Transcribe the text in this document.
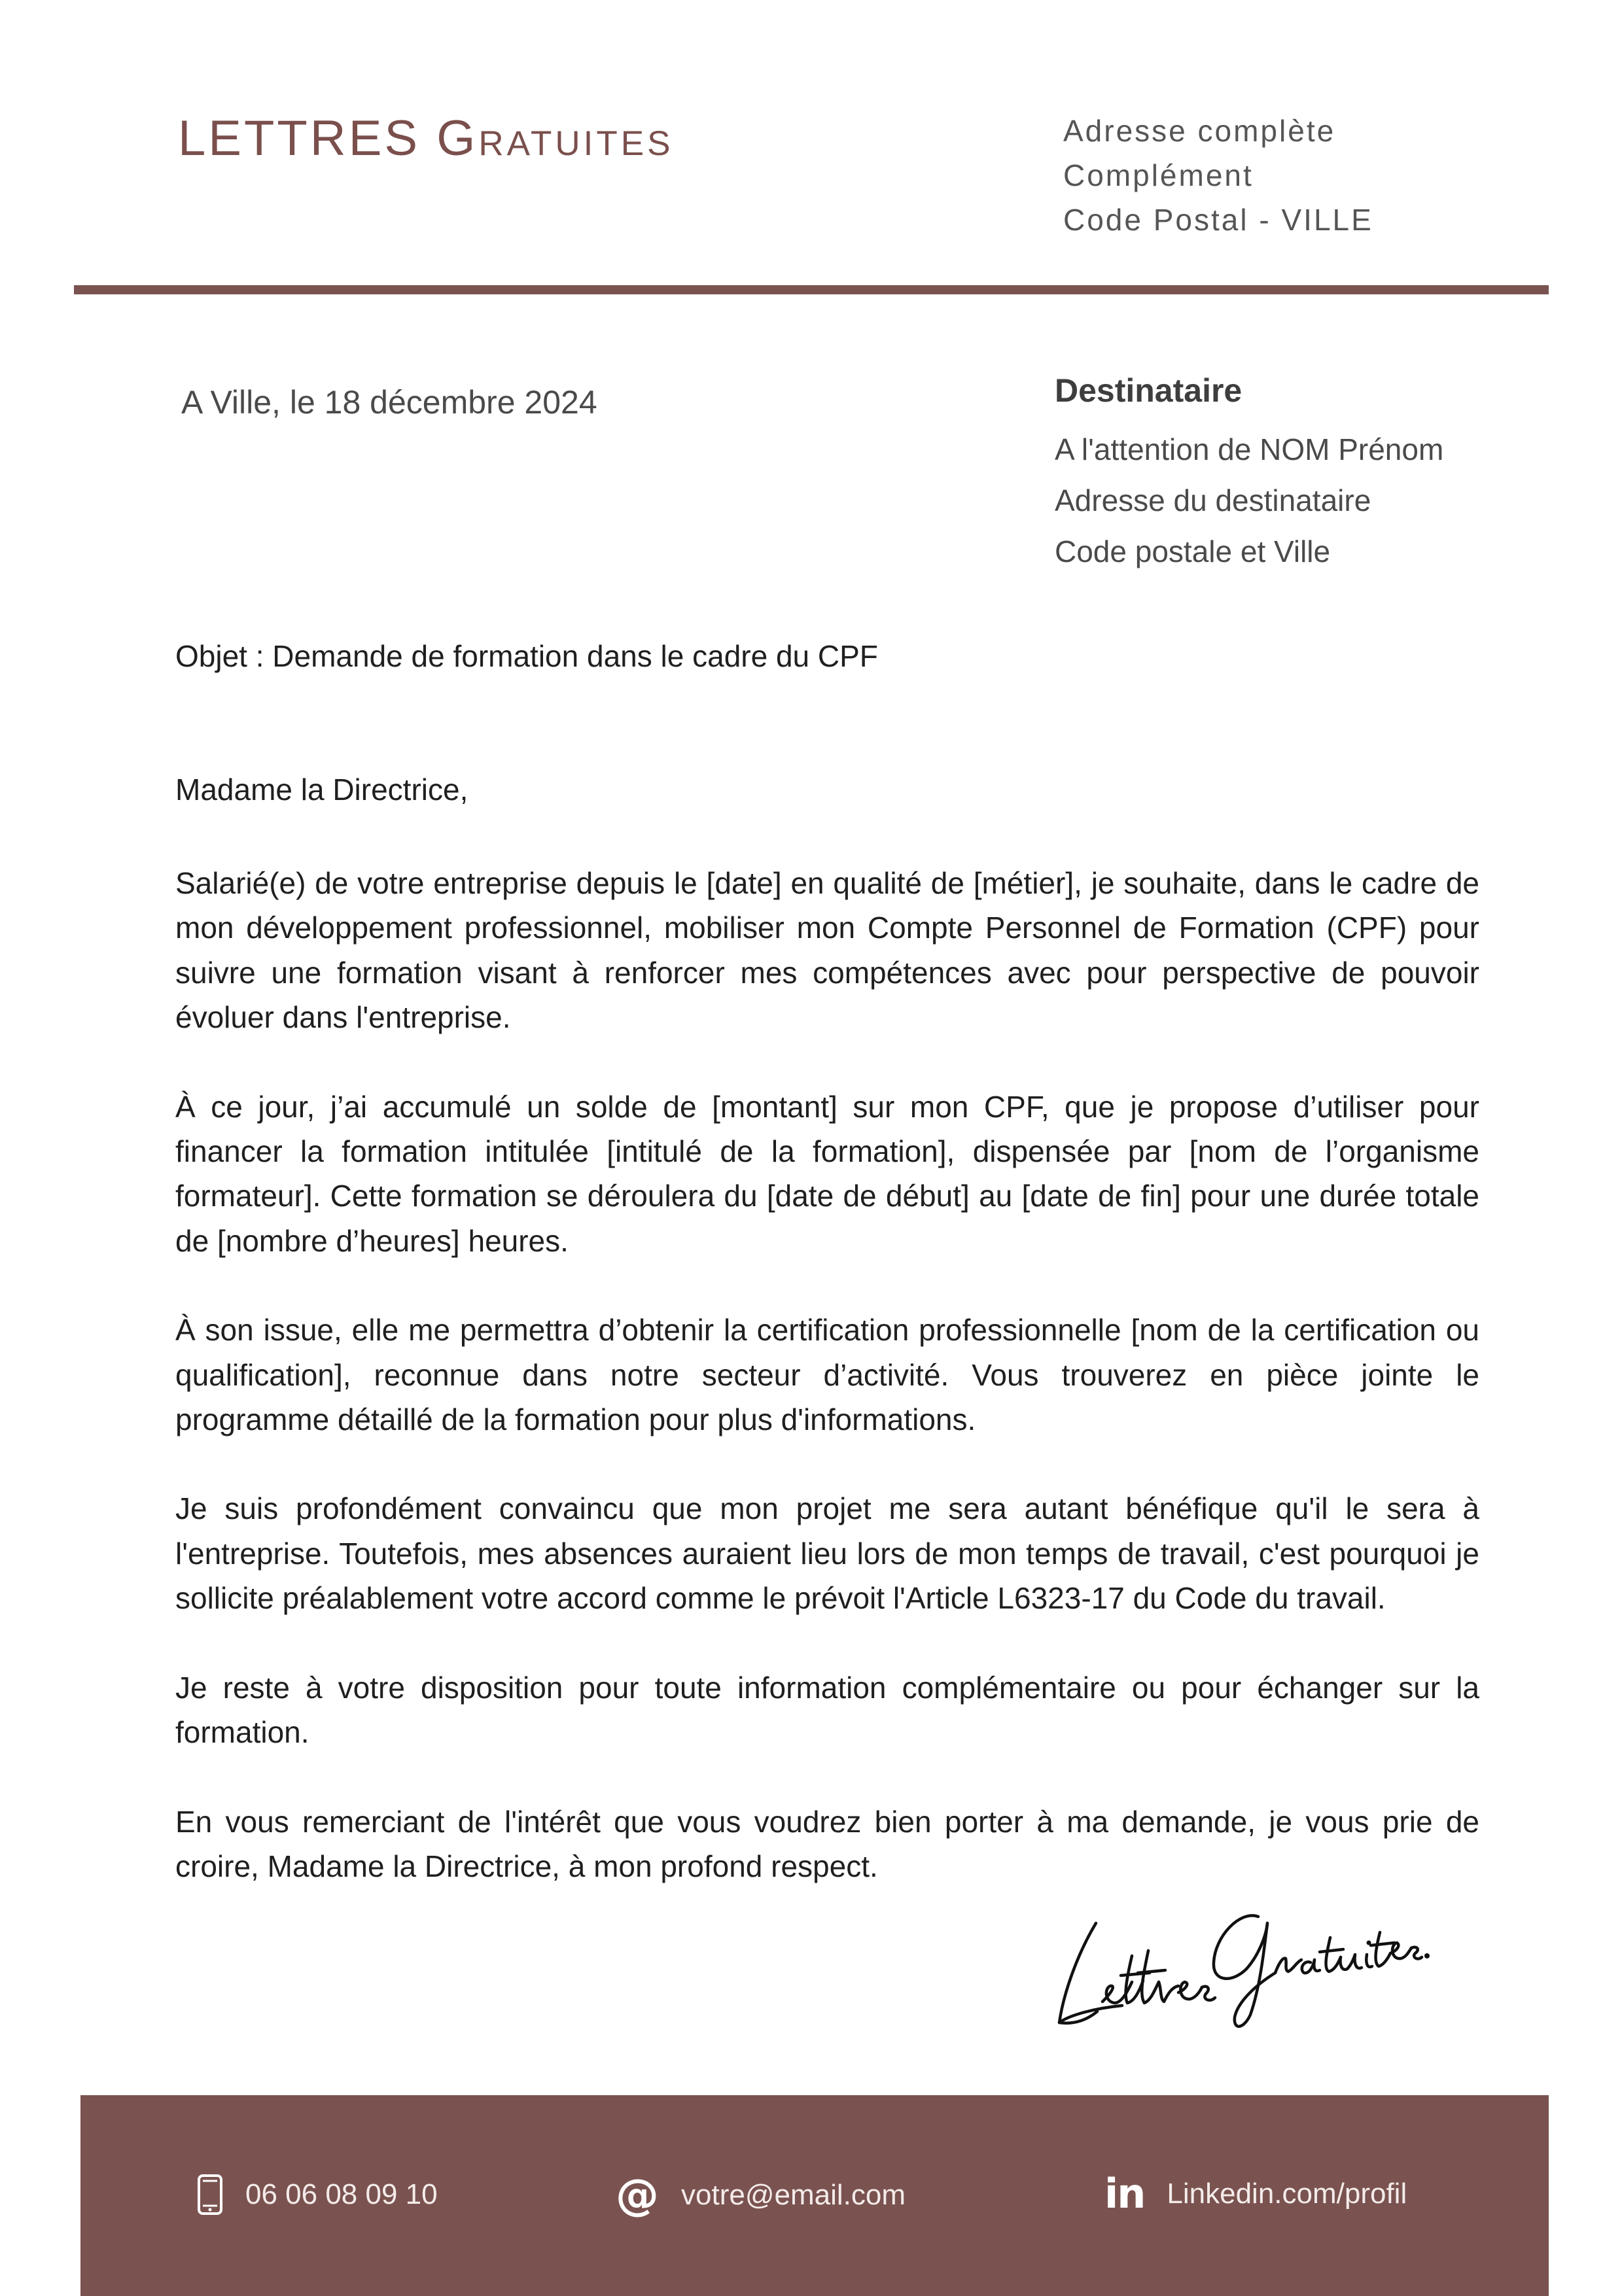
LETTRES Gratuites	Adresse complète
Complément
Code Postal - VILLE
A Ville, le 18 décembre 2024	Destinataire
A l'attention de NOM Prénom
Adresse du destinataire
Code postale et Ville
Objet : Demande de formation dans le cadre du CPF
Madame la Directrice,

Salarié(e) de votre entreprise depuis le [date] en qualité de [métier], je souhaite, dans le cadre de mon développement professionnel, mobiliser mon Compte Personnel de Formation (CPF) pour suivre une formation visant à renforcer mes compétences avec pour perspective de pouvoir évoluer dans l'entreprise.

À ce jour, j’ai accumulé un solde de [montant] sur mon CPF, que je propose d’utiliser pour financer la formation intitulée [intitulé de la formation], dispensée par [nom de l’organisme formateur]. Cette formation se déroulera du [date de début] au [date de fin] pour une durée totale de [nombre d’heures] heures.

À son issue, elle me permettra d’obtenir la certification professionnelle [nom de la certification ou qualification], reconnue dans notre secteur d’activité. Vous trouverez en pièce jointe le programme détaillé de la formation pour plus d'informations.

Je suis profondément convaincu que mon projet me sera autant bénéfique qu'il le sera à l'entreprise. Toutefois, mes absences auraient lieu lors de mon temps de travail, c'est pourquoi je sollicite préalablement votre accord comme le prévoit l'Article L6323-17 du Code du travail.

Je reste à votre disposition pour toute information complémentaire ou pour échanger sur la formation.

En vous remerciant de l'intérêt que vous voudrez bien porter à ma demande, je vous prie de croire, Madame la Directrice, à mon profond respect.

06 06 08 09 10	@ votre@email.com	in Linkedin.com/profil
